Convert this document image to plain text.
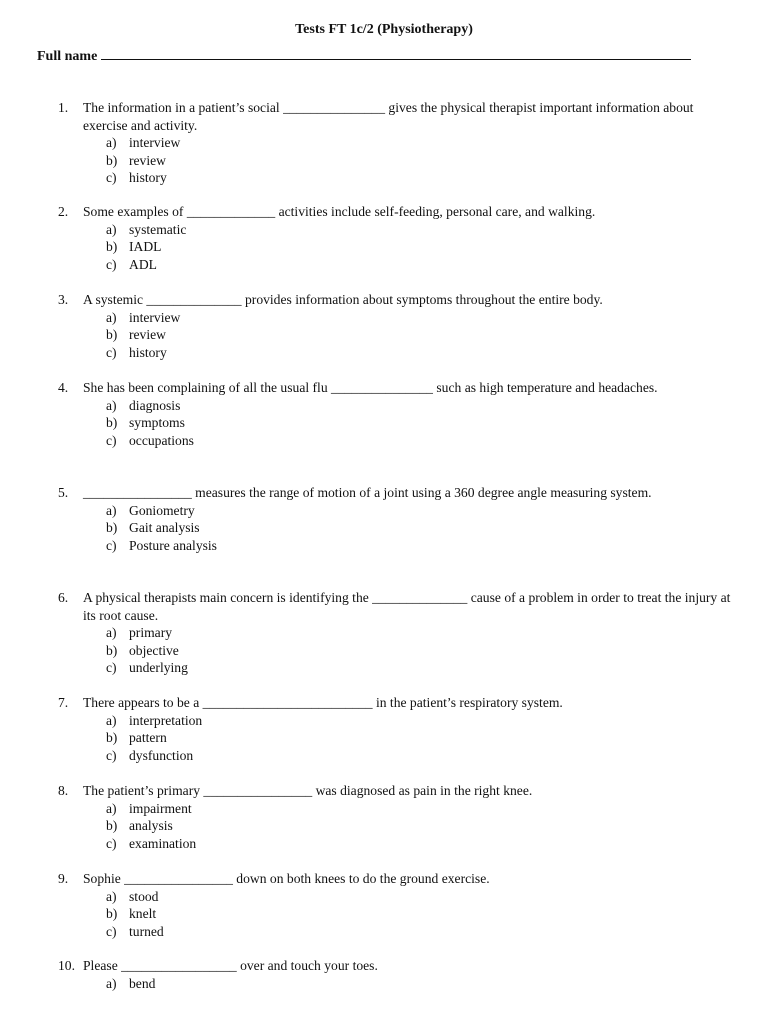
Tests FT 1c/2 (Physiotherapy)
Full name
1.	The information in a patient’s social _______________ gives the physical therapist important information about exercise and activity.
a) interview
b) review
c) history
2.	Some examples of _____________ activities include self-feeding, personal care, and walking.
a) systematic
b) IADL
c) ADL
3.	A systemic ______________ provides information about symptoms throughout the entire body.
a) interview
b) review
c) history
4.	She has been complaining of all the usual flu _______________ such as high temperature and headaches.
a) diagnosis
b) symptoms
c) occupations
5.	________________ measures the range of motion of a joint using a 360 degree angle measuring system.
a) Goniometry
b) Gait analysis
c) Posture analysis
6.	A physical therapists main concern is identifying the ______________ cause of a problem in order to treat the injury at its root cause.
a) primary
b) objective
c) underlying
7.	There appears to be a _________________________ in the patient’s respiratory system.
a) interpretation
b) pattern
c) dysfunction
8.	The patient’s primary ________________ was diagnosed as pain in the right knee.
a) impairment
b) analysis
c) examination
9.	Sophie ________________ down on both knees to do the ground exercise.
a) stood
b) knelt
c) turned
10. Please _________________ over and touch your toes.
a) bend
